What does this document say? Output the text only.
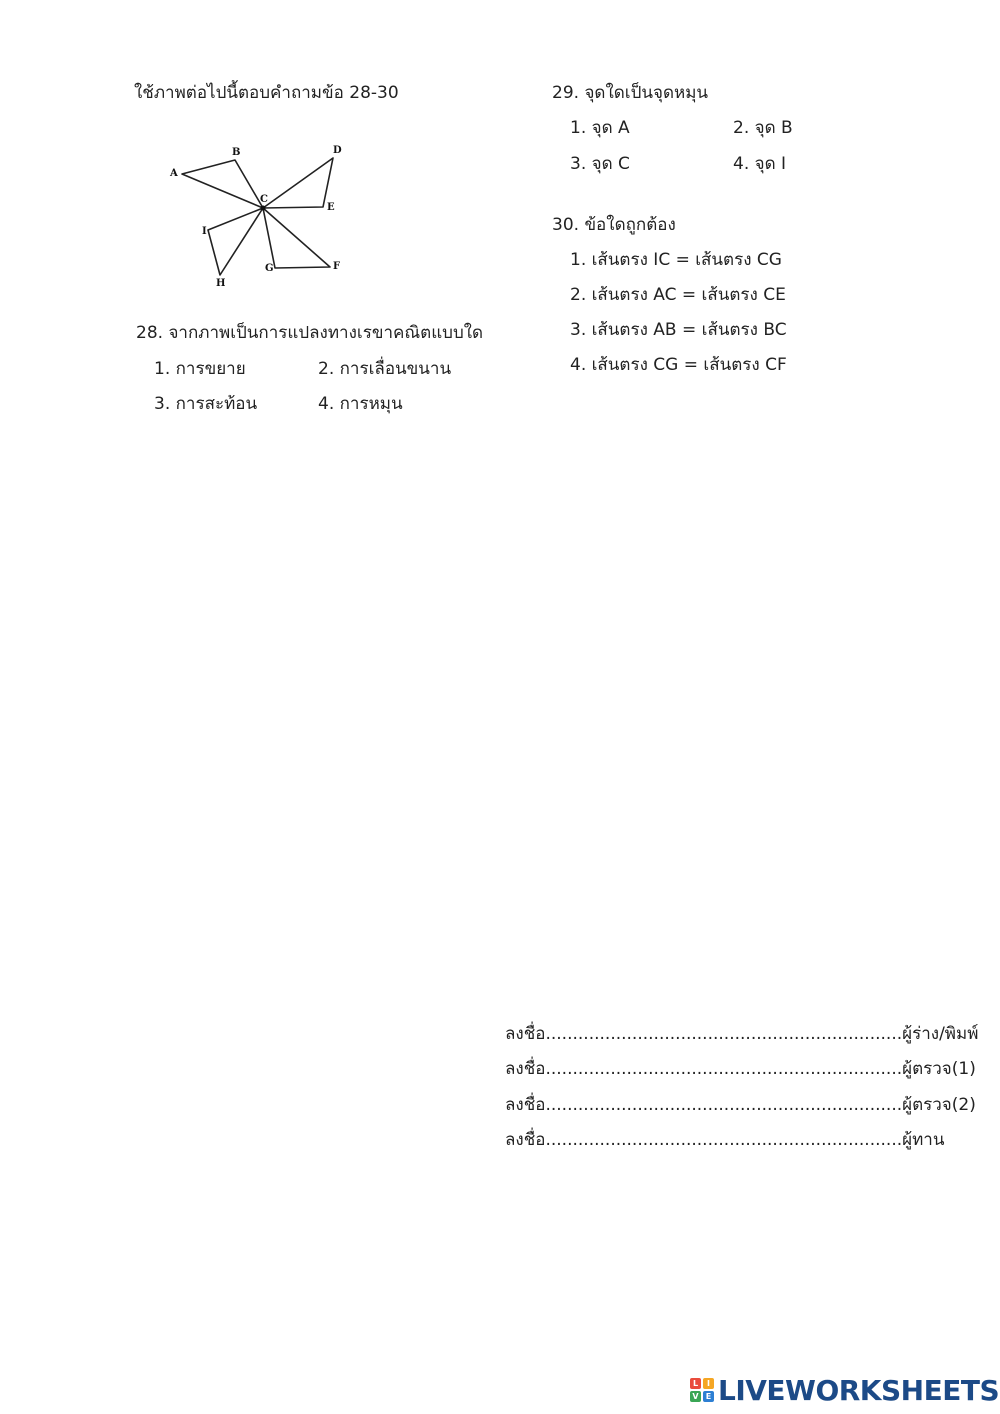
ใช้ภาพต่อไปนี้ตอบคำถามข้อ 28-30
A
B
C
D
E
F
G
H
I
28. จากภาพเป็นการแปลงทางเรขาคณิตแบบใด
1. การขยาย	2. การเลื่อนขนาน
3. การสะท้อน	4. การหมุน
29. จุดใดเป็นจุดหมุน
1. จุด A	2. จุด B
3. จุด C	4. จุด I
30. ข้อใดถูกต้อง
1. เส้นตรง IC = เส้นตรง CG
2. เส้นตรง AC = เส้นตรง CE
3. เส้นตรง AB = เส้นตรง BC
4. เส้นตรง CG = เส้นตรง CF
ลงชื่อ..................................................................ผู้ร่าง/พิมพ์
ลงชื่อ..................................................................ผู้ตรวจ(1)
ลงชื่อ..................................................................ผู้ตรวจ(2)
ลงชื่อ..................................................................ผู้ทาน
L	I
V E LIVEWORKSHEETS
